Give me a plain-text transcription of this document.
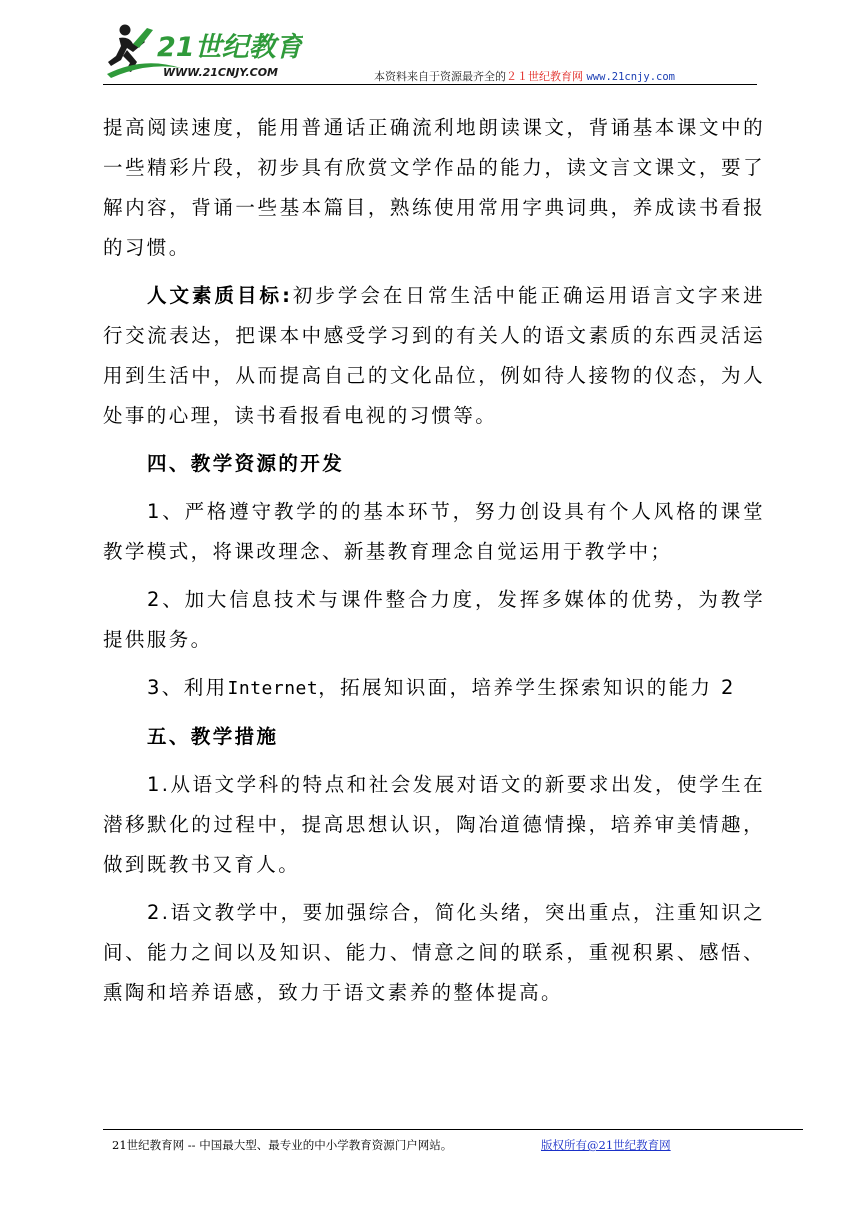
21世纪教育
WWW.21CNJY.COM	本资料来自于资源最齐全的２１世纪教育网 www.21cnjy.com

提高阅读速度，能用普通话正确流利地朗读课文，背诵基本课文中的一些精彩片段，初步具有欣赏文学作品的能力，读文言文课文，要了解内容，背诵一些基本篇目，熟练使用常用字典词典，养成读书看报的习惯。

人文素质目标:初步学会在日常生活中能正确运用语言文字来进行交流表达，把课本中感受学习到的有关人的语文素质的东西灵活运用到生活中，从而提高自己的文化品位，例如待人接物的仪态，为人处事的心理，读书看报看电视的习惯等。

四、教学资源的开发

1、严格遵守教学的的基本环节，努力创设具有个人风格的课堂教学模式，将课改理念、新基教育理念自觉运用于教学中；

2、加大信息技术与课件整合力度，发挥多媒体的优势，为教学提供服务。

3、利用Internet，拓展知识面，培养学生探索知识的能力 2

五、教学措施

1.从语文学科的特点和社会发展对语文的新要求出发，使学生在潜移默化的过程中，提高思想认识，陶冶道德情操，培养审美情趣，做到既教书又育人。

2.语文教学中，要加强综合，简化头绪，突出重点，注重知识之间、能力之间以及知识、能力、情意之间的联系，重视积累、感悟、熏陶和培养语感，致力于语文素养的整体提高。

21世纪教育网 -- 中国最大型、最专业的中小学教育资源门户网站。	版权所有@21世纪教育网
